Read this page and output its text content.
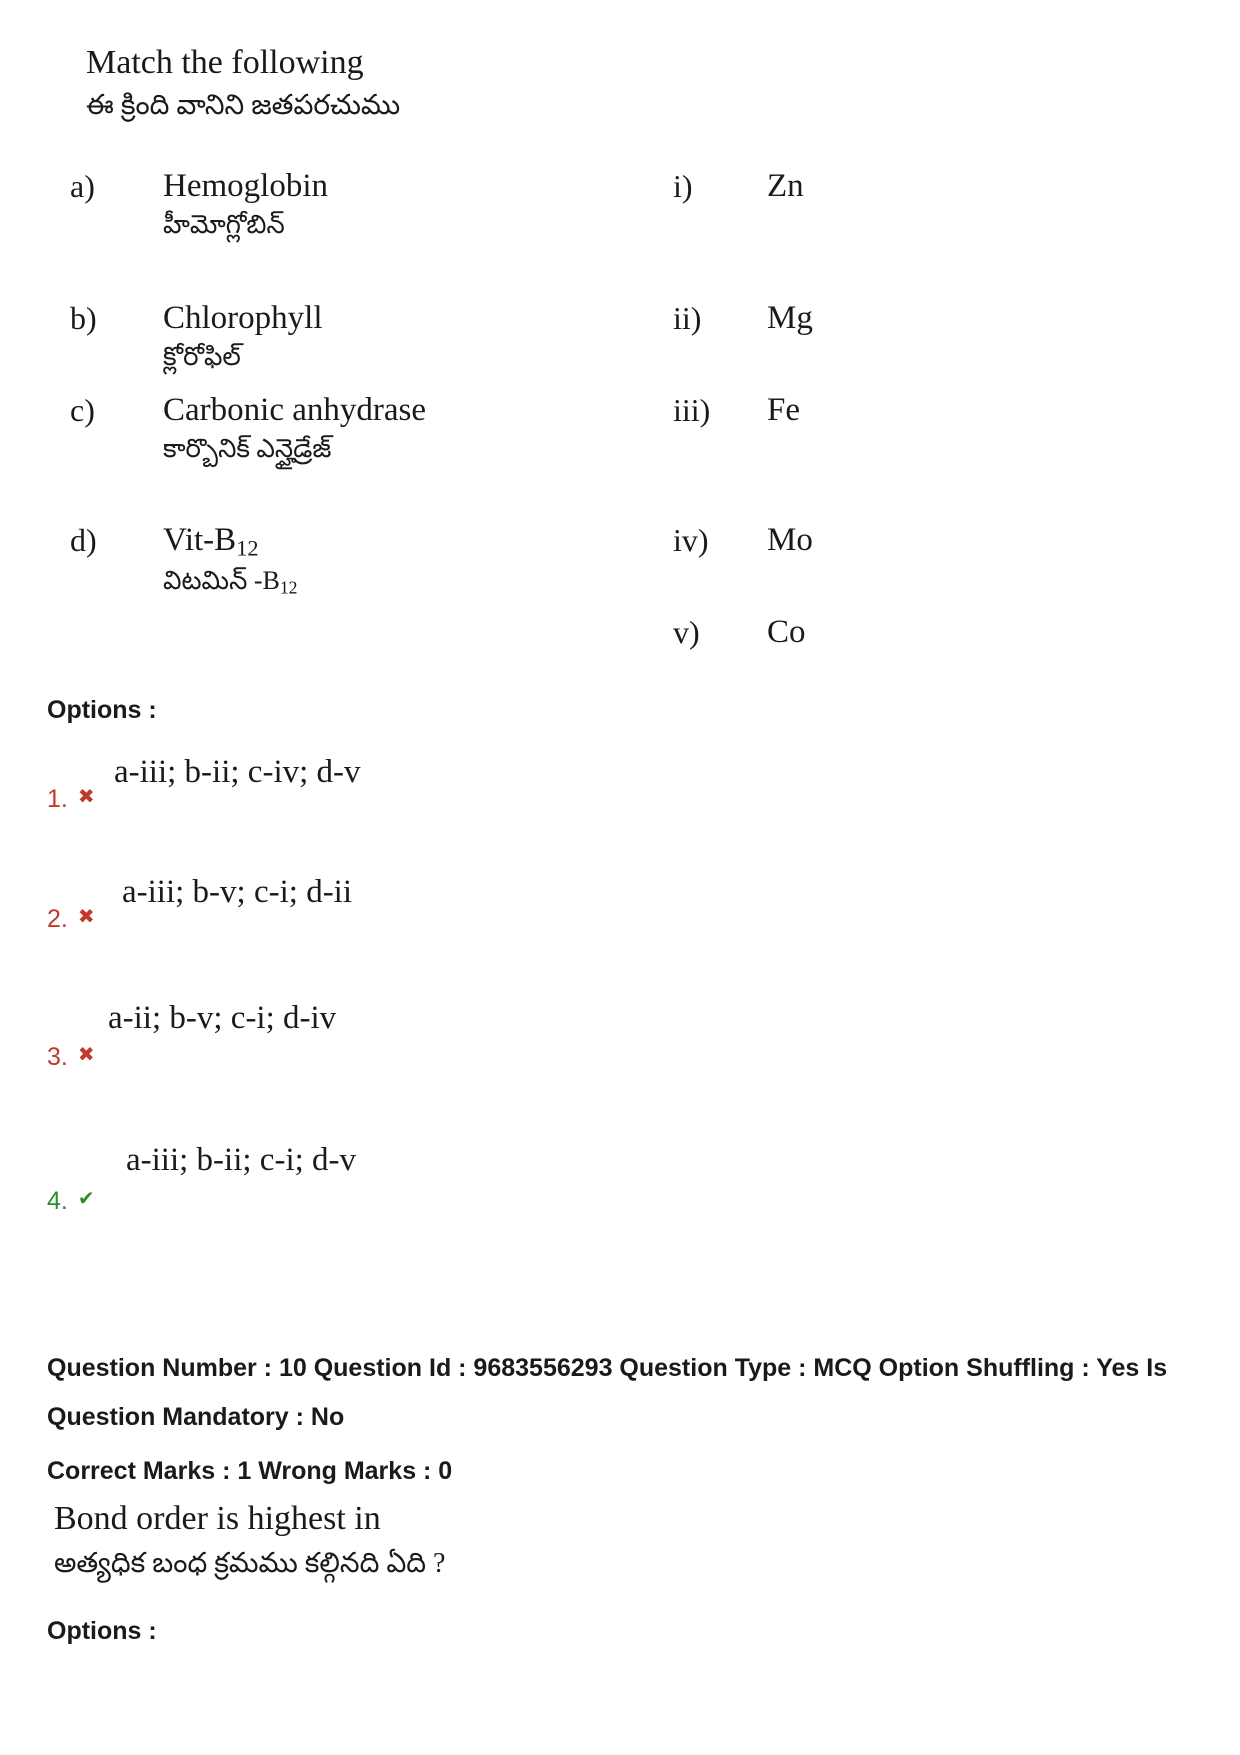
Match the following
ఈ క్రింది వానిని జతపరచుము
a) Hemoglobin
హీమోగ్లోబిన్
b) Chlorophyll
క్లోరోఫిల్
c) Carbonic anhydrase
కార్బొనిక్ ఎన్హైడ్రేజ్
d) Vit-$B_{12}$
విటమిన్ $-B_{12}$
i) Zn
ii) Mg
iii) Fe
iv) Mo
v) Co
Options :
a-iii; b-ii; c-iv; d-v
1. ✖
a-iii; b-v; c-i; d-ii
2. ✖
a-ii; b-v; c-i; d-iv
3. ✖
a-iii; b-ii; c-i; d-v
4. ✔
Question Number : 10 Question Id : 9683556293 Question Type : MCQ Option Shuffling : Yes Is
Question Mandatory : No
Correct Marks : 1 Wrong Marks : 0
Bond order is highest in
అత్యధిక బంధ క్రమము కల్గినది ఏది ?
Options :
